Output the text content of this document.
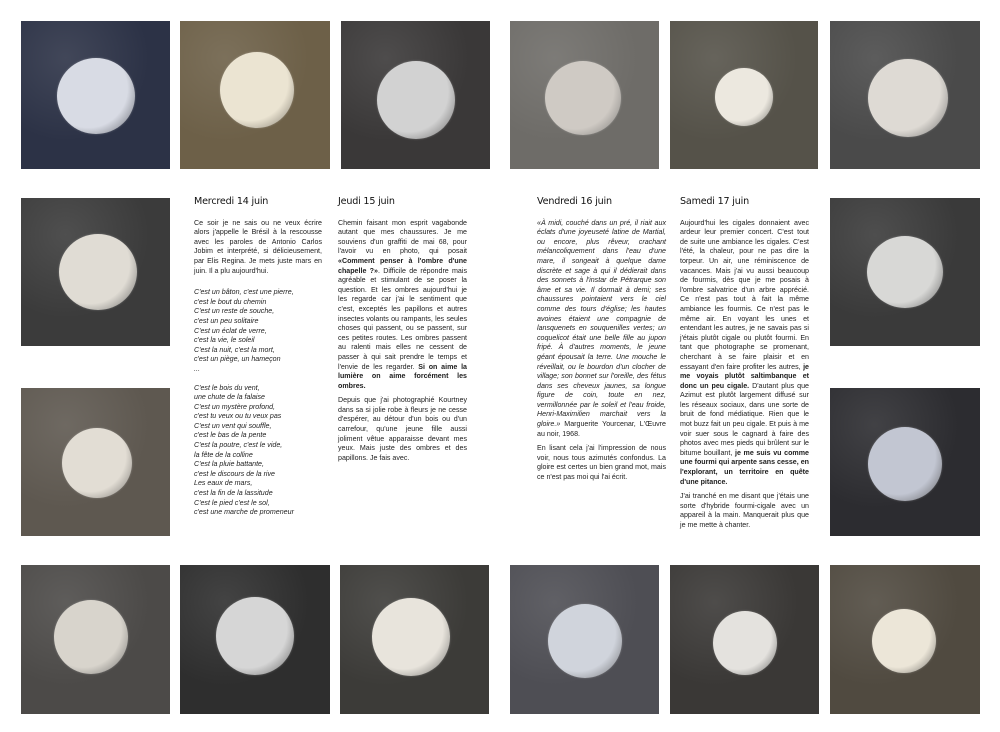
Mercredi 14 juin

Ce soir je ne sais ou ne veux écrire alors j'appelle le Brésil à la rescousse avec les paroles de Antonio Carlos Jobim et interprété, si délicieusement, par Elis Regina. Je mets juste mars en juin. Il a plu aujourd'hui.

C'est un bâton, c'est une pierre,
c'est le bout du chemin
C'est un reste de souche,
c'est un peu solitaire
C'est un éclat de verre,
c'est la vie, le soleil
C'est la nuit, c'est la mort,
c'est un piège, un hameçon
...

C'est le bois du vent,
une chute de la falaise
C'est un mystère profond,
c'est tu veux ou tu veux pas
C'est un vent qui souffle,
c'est le bas de la pente
C'est la poutre, c'est le vide,
la fête de la colline
C'est la pluie battante,
c'est le discours de la rive
Les eaux de mars,
c'est la fin de la lassitude
C'est le pied c'est le sol,
c'est une marche de promeneur

Jeudi 15 juin

Chemin faisant mon esprit vagabonde autant que mes chaussures. Je me souviens d'un graffiti de mai 68, pour l'avoir vu en photo, qui posait «Comment penser à l'ombre d'une chapelle ?». Difficile de répondre mais agréable et stimulant de se poser la question. Et les ombres aujourd'hui je les regarde car j'ai le sentiment que c'est, exceptés les papillons et autres insectes volants ou rampants, les seules choses qui passent, ou se passent, sur ces petites routes. Les ombres passent au ralenti mais elles ne cessent de passer à qui sait prendre le temps et l'envie de les regarder. Si on aime la lumière on aime forcément les ombres.

Depuis que j'ai photographié Kourtney dans sa si jolie robe à fleurs je ne cesse d'espérer, au détour d'un bois ou d'un carrefour, qu'une jeune fille aussi joliment vêtue apparaisse devant mes yeux. Mais juste des ombres et des papillons. Je fais avec.

Vendredi 16 juin

«À midi, couché dans un pré, il riait aux éclats d'une joyeuseté latine de Martial, ou encore, plus rêveur, crachant mélancoliquement dans l'eau d'une mare, il songeait à quelque dame discrète et sage à qui il dédierait dans des sonnets à l'instar de Pétrarque son âme et sa vie. Il dormait à demi; ses chaussures pointaient vers le ciel comme des tours d'église; les hautes avoines étaient une compagnie de lansquenets en souquenilles vertes; un coquelicot était une belle fille au jupon fripé. À d'autres moments, le jeune géant épousait la terre. Une mouche le réveillait, ou le bourdon d'un clocher de village; son bonnet sur l'oreille, des fétus dans ses cheveux jaunes, sa longue figure de coin, toute en nez, vermillonnée par le soleil et l'eau froide, Henri-Maximilien marchait vers la gloire.» Marguerite Yourcenar, L'Œuvre au noir, 1968.

En lisant cela j'ai l'impression de nous voir, nous tous azimutés confondus. La gloire est certes un bien grand mot, mais ce n'est pas moi qui l'ai écrit.

Samedi 17 juin

Aujourd'hui les cigales donnaient avec ardeur leur premier concert. C'est tout de suite une ambiance les cigales. C'est l'été, la chaleur, pour ne pas dire la torpeur. Un air, une réminiscence de vacances. Mais j'ai vu aussi beaucoup de fourmis, dès que je me posais à l'ombre salvatrice d'un arbre apprécié. Ce n'est pas tout à fait la même ambiance les fourmis. Ce n'est pas le même air. En voyant les unes et entendant les autres, je ne savais pas si j'étais plutôt cigale ou plutôt fourmi. En tant que photographe se promenant, cherchant à se faire plaisir et en essayant d'en faire profiter les autres, je me voyais plutôt saltimbanque et donc un peu cigale. D'autant plus que Azimut est plutôt largement diffusé sur les réseaux sociaux, dans une sorte de bruit de fond médiatique. Rien que le mot buzz fait un peu cigale. Et puis à me voir suer sous le cagnard à faire des photos avec mes pieds qui brûlent sur le bitume bouillant, je me suis vu comme une fourmi qui arpente sans cesse, en l'explorant, un territoire en quête d'une pitance.

J'ai tranché en me disant que j'étais une sorte d'hybride fourmi-cigale avec un appareil à la main. Manquerait plus que je me mette à chanter.
